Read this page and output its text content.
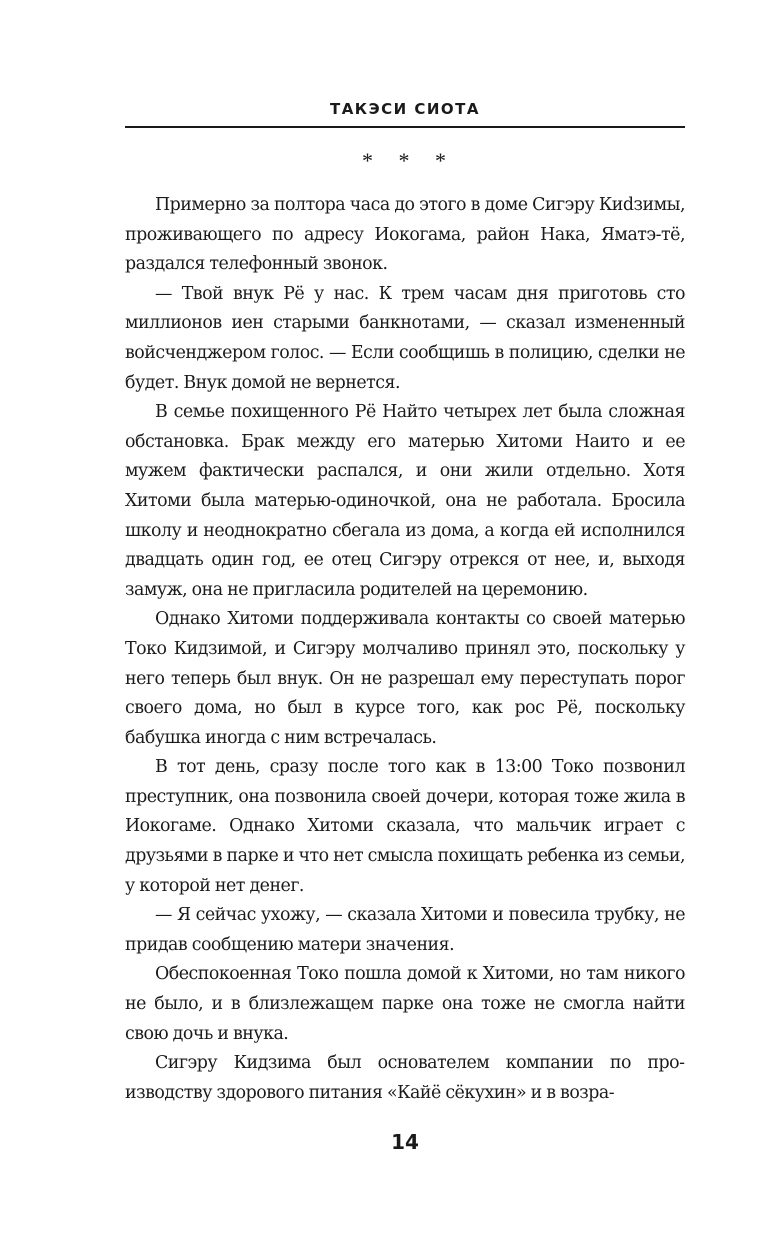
ТАКЭСИ СИОТА
* * *

Примерно за полтора часа до этого в доме Сигэру Киdзимы, проживающего по адресу Иокогама, район Нака, Яматэ-тё, раздался телефонный звонок.

— Твой внук Рё у нас. К трем часам дня приготовь сто миллионов иен старыми банкнотами, — сказал измененный войсченджером голос. — Если сообщишь в полицию, сделки не будет. Внук домой не вернется.

В семье похищенного Рё Найто четырех лет была сложная обстановка. Брак между его матерью Хитоми Наито и ее мужем фактически распался, и они жили отдельно. Хотя Хитоми была матерью-одиночкой, она не работала. Бросила школу и неоднократно сбегала из дома, а когда ей исполнился двадцать один год, ее отец Сигэру отрекся от нее, и, выходя замуж, она не пригласила родителей на церемонию.

Однако Хитоми поддерживала контакты со своей матерью Токо Кидзимой, и Сигэру молчаливо принял это, поскольку у него теперь был внук. Он не разрешал ему переступать порог своего дома, но был в курсе того, как рос Рё, поскольку бабушка иногда с ним встречалась.

В тот день, сразу после того как в 13:00 Токо позвонил преступник, она позвонила своей дочери, которая тоже жила в Иокогаме. Однако Хитоми сказала, что мальчик играет с друзьями в парке и что нет смысла похищать ребенка из семьи, у которой нет денег.

— Я сейчас ухожу, — сказала Хитоми и повесила трубку, не придав сообщению матери значения.

Обеспокоенная Токо пошла домой к Хитоми, но там никого не было, и в близлежащем парке она тоже не смогла найти свою дочь и внука.

Сигэру Кидзима был основателем компании по производству здорового питания «Кайё сёкухин» и в возра-

14
